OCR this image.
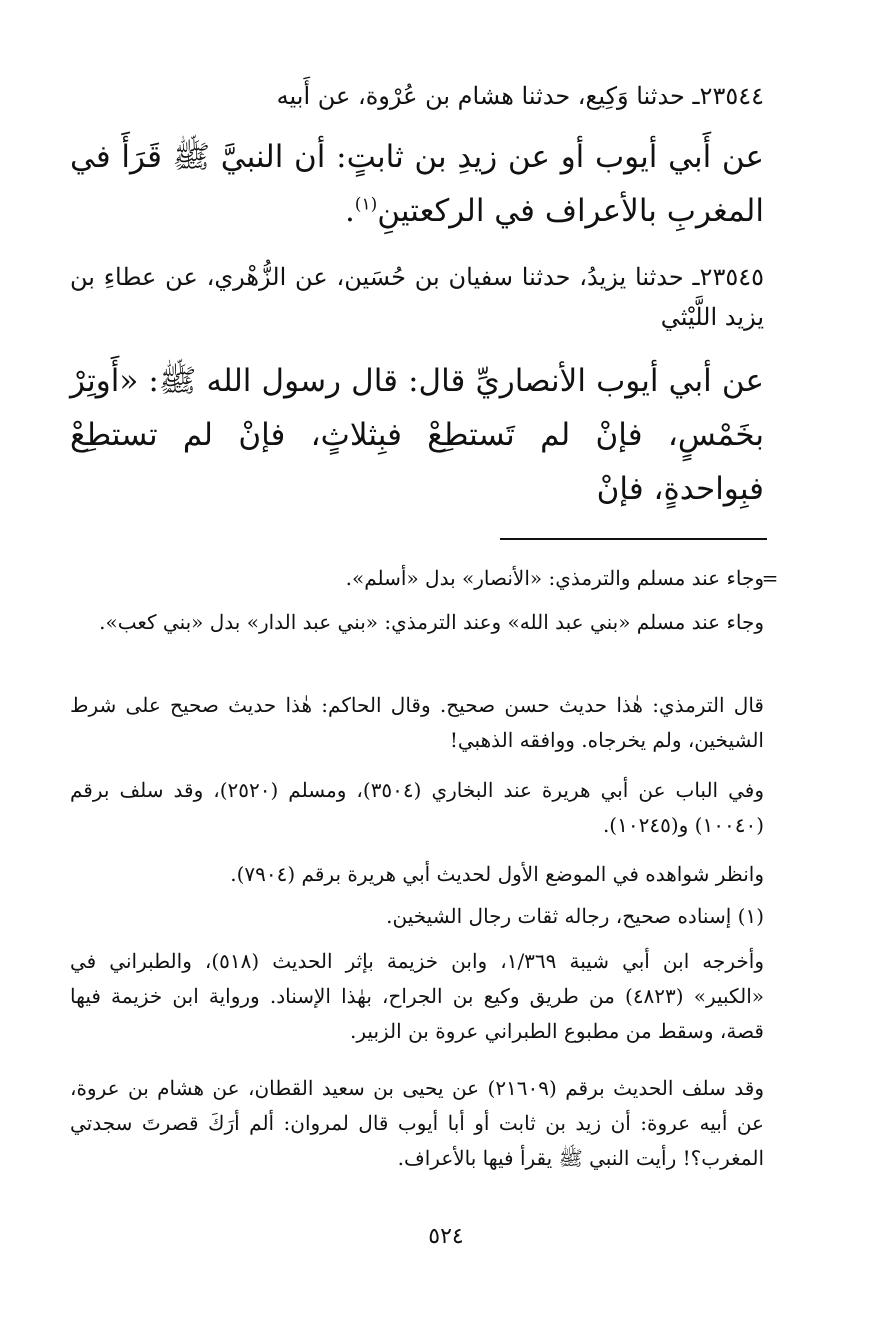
٢٣٥٤٤ـ حدثنا وَكِيع، حدثنا هشام بن عُرْوة، عن أَبيه
عن أَبي أيوب أو عن زيدِ بن ثابتٍ: أن النبيَّ ﷺ قَرَأَ في المغربِ بالأعراف في الركعتينِ$^{(١)}$.
٢٣٥٤٥ـ حدثنا يزيدُ، حدثنا سفيان بن حُسَين، عن الزُّهْري، عن عطاءِ بن يزيد اللَّيْثي
عن أبي أيوب الأنصاريِّ قال: قال رسول الله ﷺ: «أَوتِرْ بخَمْسٍ، فإنْ لم تَستطِعْ فبِثلاثٍ، فإنْ لم تستطِعْ فبِواحدةٍ، فإنْ
=
وجاء عند مسلم والترمذي: «الأنصار» بدل «أسلم».
وجاء عند مسلم «بني عبد الله» وعند الترمذي: «بني عبد الدار» بدل «بني كعب».
قال الترمذي: هٰذا حديث حسن صحيح. وقال الحاكم: هٰذا حديث صحيح على شرط الشيخين، ولم يخرجاه. ووافقه الذهبي!
وفي الباب عن أبي هريرة عند البخاري (٣٥٠٤)، ومسلم (٢٥٢٠)، وقد سلف برقم (١٠٠٤٠) و(١٠٢٤٥).
وانظر شواهده في الموضع الأول لحديث أبي هريرة برقم (٧٩٠٤).
(١) إسناده صحيح، رجاله ثقات رجال الشيخين.
وأخرجه ابن أبي شيبة ١/٣٦٩، وابن خزيمة بإثر الحديث (٥١٨)، والطبراني في «الكبير» (٤٨٢٣) من طريق وكيع بن الجراح، بهٰذا الإسناد. ورواية ابن خزيمة فيها قصة، وسقط من مطبوع الطبراني عروة بن الزبير.
وقد سلف الحديث برقم (٢١٦٠٩) عن يحيى بن سعيد القطان، عن هشام بن عروة، عن أبيه عروة: أن زيد بن ثابت أو أبا أيوب قال لمروان: ألم أرَكَ قصرتَ سجدتي المغرب؟! رأيت النبي ﷺ يقرأ فيها بالأعراف.
٥٢٤
